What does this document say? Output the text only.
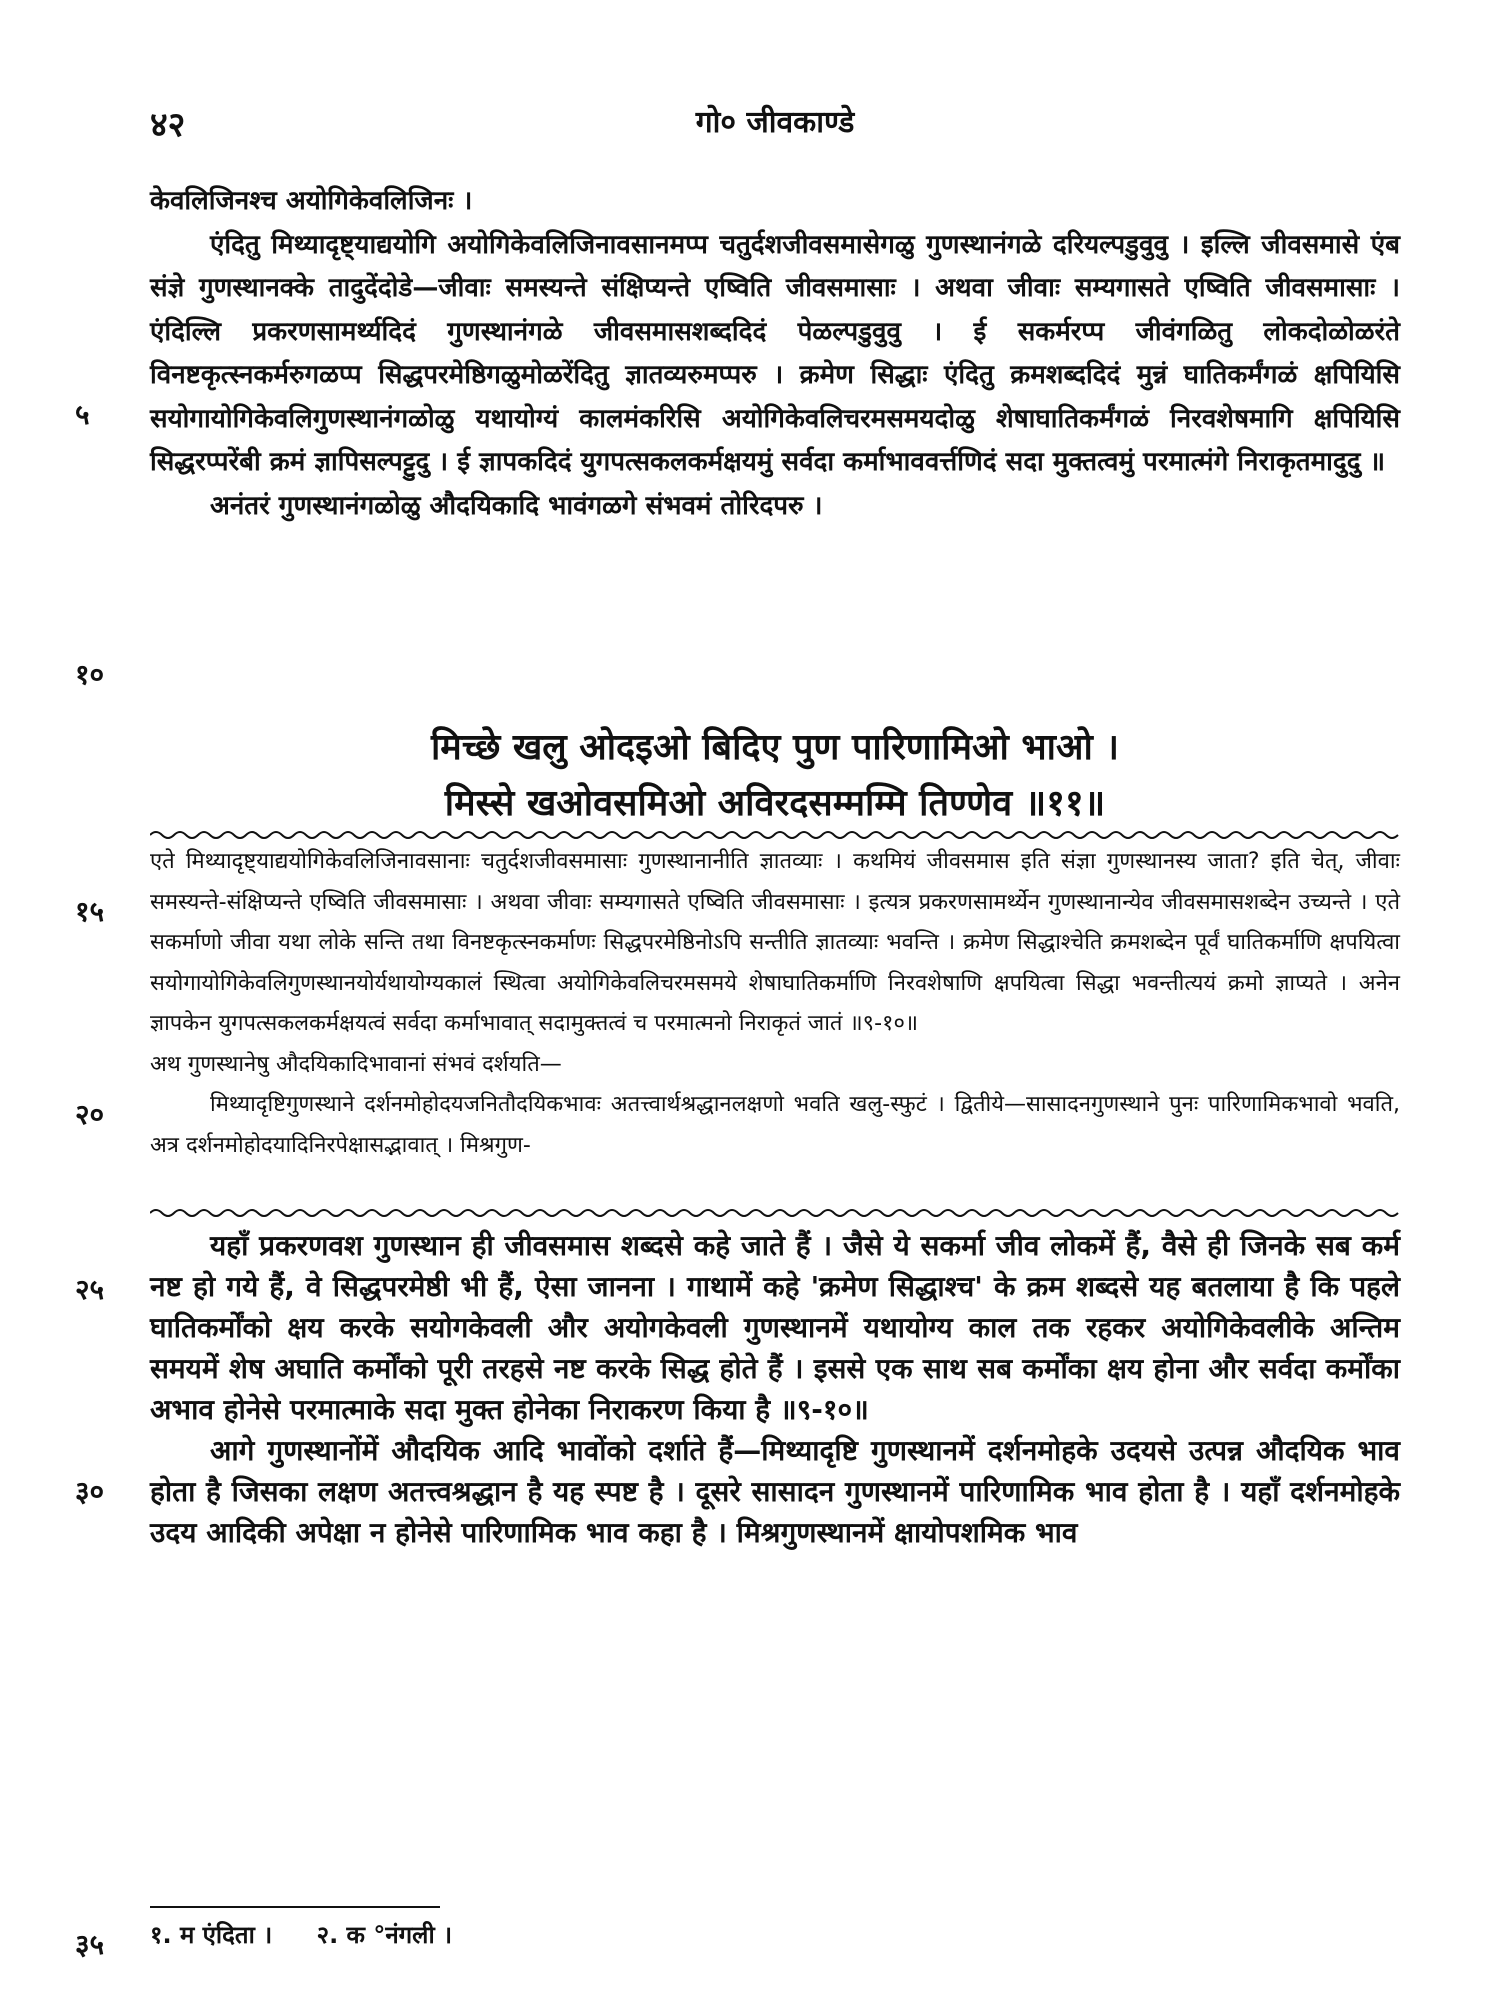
४२	गो० जीवकाण्डे
५
१०
१५
२०
२५
३०
३५

केवलिजिनश्च अयोगिकेवलिजिनः ।

एंदितु मिथ्यादृष्ट्याद्ययोगि अयोगिकेवलिजिनावसानमप्प चतुर्दशजीवसमासेगळु गुणस्थानंगळे दरियल्पडुवुवु । इल्लि जीवसमासे एंब संज्ञे गुणस्थानक्के तादुदेंदोडे—जीवाः समस्यन्ते संक्षिप्यन्ते एष्विति जीवसमासाः । अथवा जीवाः सम्यगासते एष्विति जीवसमासाः । एंदिल्लि प्रकरणसामर्थ्यदिदं गुणस्थानंगळे जीवसमासशब्ददिदं पेळल्पडुवुवु । ई सकर्मरप्प जीवंगळितु लोकदोळोळरंते विनष्टकृत्स्नकर्मरुगळप्प सिद्धपरमेष्ठिगळुमोळरेंदितु ज्ञातव्यरुमप्परु । क्रमेण सिद्धाः एंदितु क्रमशब्ददिदं मुन्नं घातिकर्मंगळं क्षपियिसि सयोगायोगिकेवलिगुणस्थानंगळोळु यथायोग्यं कालमंकरिसि अयोगिकेवलिचरमसमयदोळु शेषाघातिकर्मंगळं निरवशेषमागि क्षपियिसि सिद्धरप्परेंबी क्रमं ज्ञापिसल्पट्टुदु । ई ज्ञापकदिदं युगपत्सकलकर्मक्षयमुं सर्वदा कर्माभाववर्त्तणिदं सदा मुक्तत्वमुं परमात्मंगे निराकृतमादुदु ॥

अनंतरं गुणस्थानंगळोळु औदयिकादि भावंगळगे संभवमं तोरिदपरु ।

मिच्छे खलु ओदइओ बिदिए पुण पारिणामिओ भाओ ।
मिस्से खओवसमिओ अविरदसम्मम्मि तिण्णेव ॥११॥

एते मिथ्यादृष्ट्याद्ययोगिकेवलिजिनावसानाः चतुर्दशजीवसमासाः गुणस्थानानीति ज्ञातव्याः । कथमियं जीवसमास इति संज्ञा गुणस्थानस्य जाता? इति चेत्, जीवाः समस्यन्ते-संक्षिप्यन्ते एष्विति जीवसमासाः । अथवा जीवाः सम्यगासते एष्विति जीवसमासाः । इत्यत्र प्रकरणसामर्थ्येन गुणस्थानान्येव जीवसमासशब्देन उच्यन्ते । एते सकर्माणो जीवा यथा लोके सन्ति तथा विनष्टकृत्स्नकर्माणः सिद्धपरमेष्ठिनोऽपि सन्तीति ज्ञातव्याः भवन्ति । क्रमेण सिद्धाश्चेति क्रमशब्देन पूर्वं घातिकर्माणि क्षपयित्वा सयोगायोगिकेवलिगुणस्थानयोर्यथायोग्यकालं स्थित्वा अयोगिकेवलिचरमसमये शेषाघातिकर्माणि निरवशेषाणि क्षपयित्वा सिद्धा भवन्तीत्ययं क्रमो ज्ञाप्यते । अनेन ज्ञापकेन युगपत्सकलकर्मक्षयत्वं सर्वदा कर्माभावात् सदामुक्तत्वं च परमात्मनो निराकृतं जातं ॥९-१०॥

अथ गुणस्थानेषु औदयिकादिभावानां संभवं दर्शयति—

मिथ्यादृष्टिगुणस्थाने दर्शनमोहोदयजनितौदयिकभावः अतत्त्वार्थश्रद्धानलक्षणो भवति खलु-स्फुटं । द्वितीये—सासादनगुणस्थाने पुनः पारिणामिकभावो भवति, अत्र दर्शनमोहोदयादिनिरपेक्षासद्भावात् । मिश्रगुण-

यहाँ प्रकरणवश गुणस्थान ही जीवसमास शब्दसे कहे जाते हैं । जैसे ये सकर्मा जीव लोकमें हैं, वैसे ही जिनके सब कर्म नष्ट हो गये हैं, वे सिद्धपरमेष्ठी भी हैं, ऐसा जानना । गाथामें कहे 'क्रमेण सिद्धाश्च' के क्रम शब्दसे यह बतलाया है कि पहले घातिकर्मोंको क्षय करके सयोगकेवली और अयोगकेवली गुणस्थानमें यथायोग्य काल तक रहकर अयोगिकेवलीके अन्तिम समयमें शेष अघाति कर्मोंको पूरी तरहसे नष्ट करके सिद्ध होते हैं । इससे एक साथ सब कर्मोंका क्षय होना और सर्वदा कर्मोंका अभाव होनेसे परमात्माके सदा मुक्त होनेका निराकरण किया है ॥९-१०॥

आगे गुणस्थानोंमें औदयिक आदि भावोंको दर्शाते हैं—मिथ्यादृष्टि गुणस्थानमें दर्शनमोहके उदयसे उत्पन्न औदयिक भाव होता है जिसका लक्षण अतत्त्वश्रद्धान है यह स्पष्ट है । दूसरे सासादन गुणस्थानमें पारिणामिक भाव होता है । यहाँ दर्शनमोहके उदय आदिकी अपेक्षा न होनेसे पारिणामिक भाव कहा है । मिश्रगुणस्थानमें क्षायोपशमिक भाव

१. म एंदिता । २. क °नंगली ।
